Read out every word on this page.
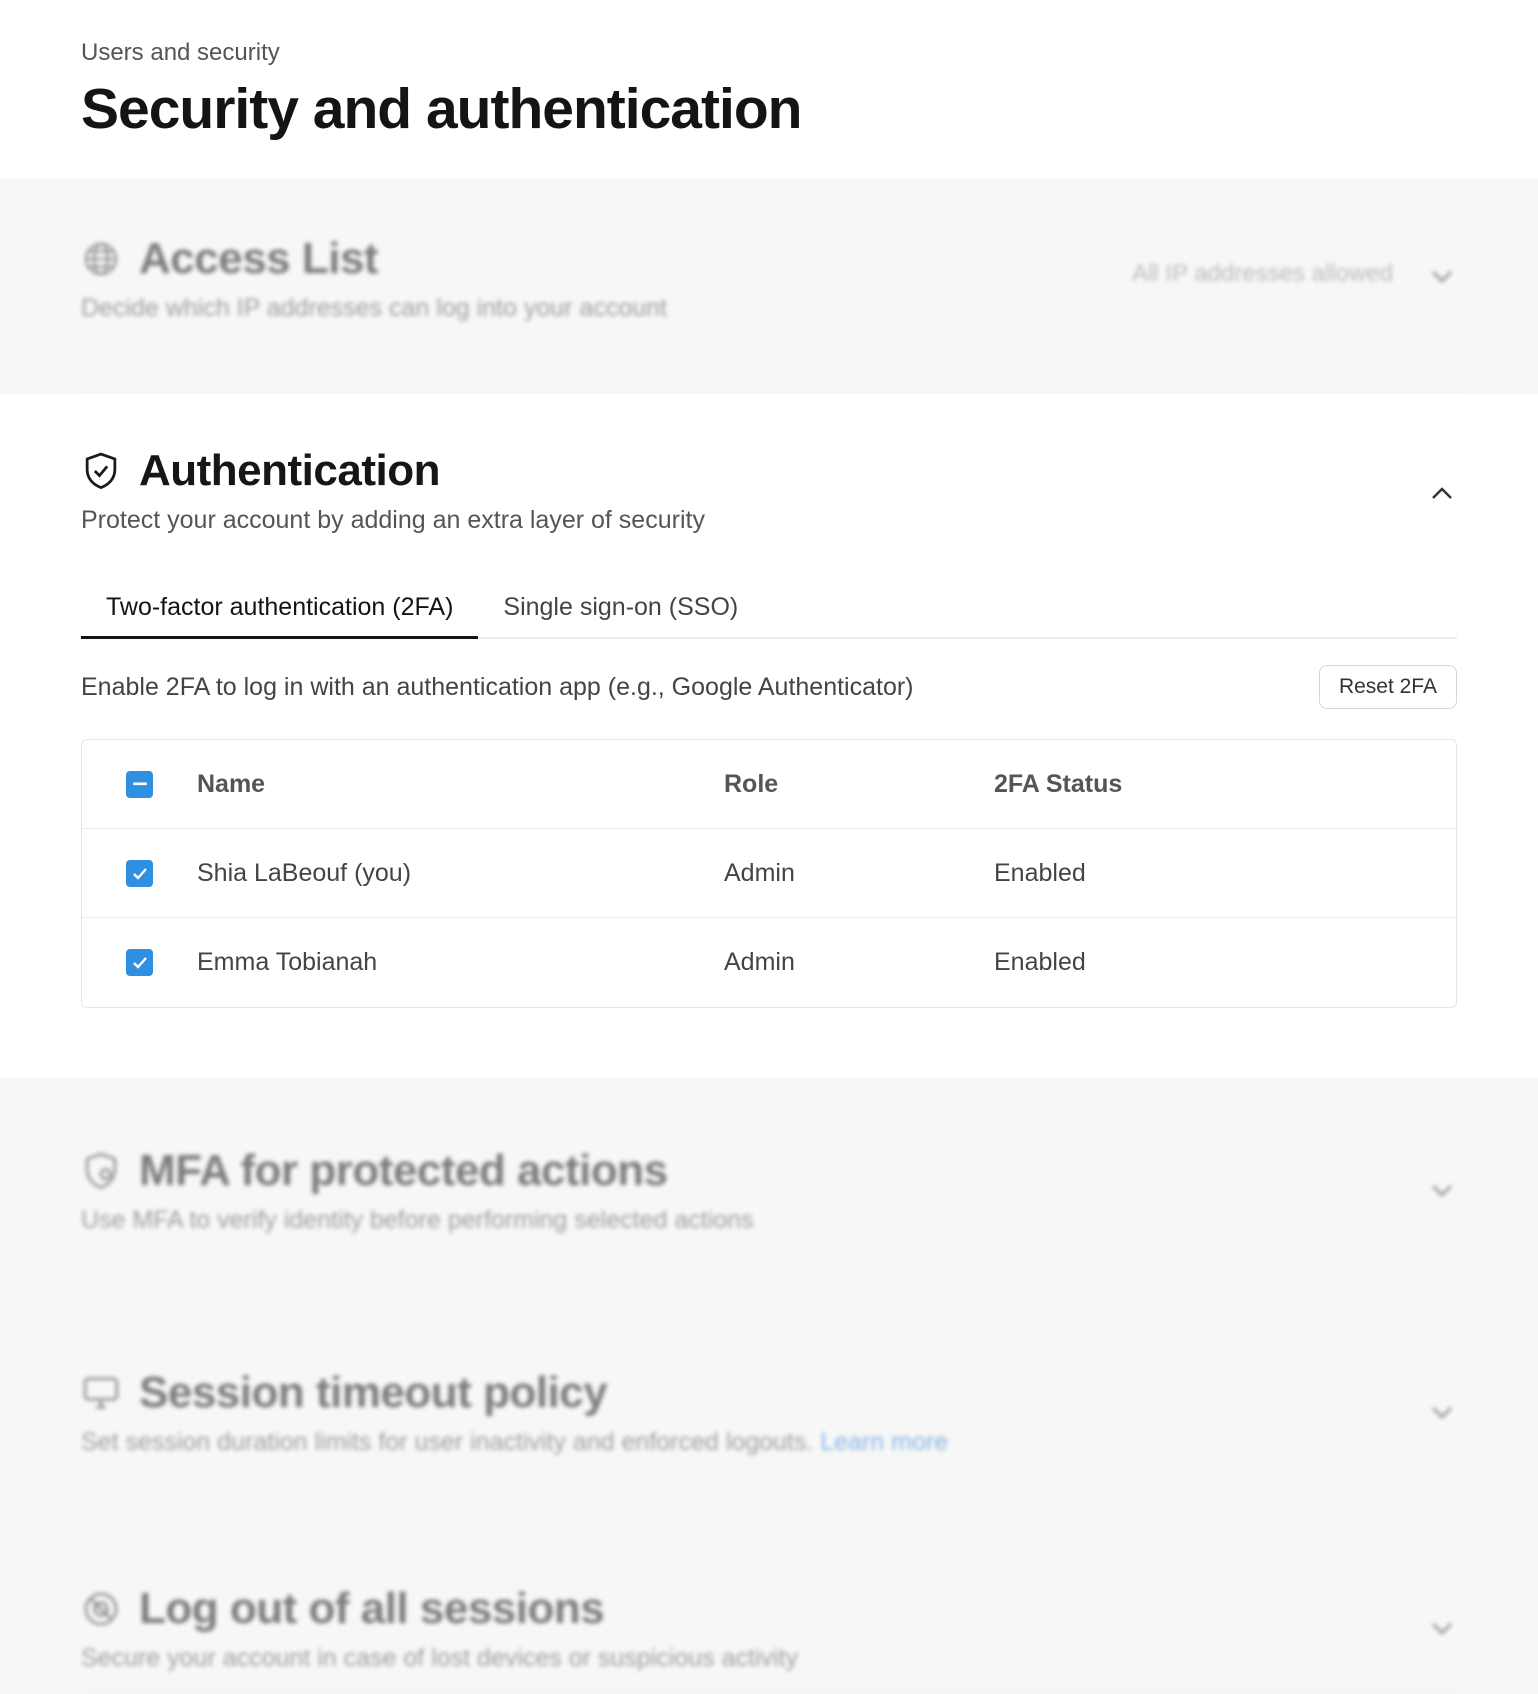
Users and security
Security and authentication
Access List
Decide which IP addresses can log into your account
All IP addresses allowed
Authentication
Protect your account by adding an extra layer of security
Two-factor authentication (2FA)	Single sign-on (SSO)
Enable 2FA to log in with an authentication app (e.g., Google Authenticator)	Reset 2FA
Name	Role	2FA Status
Shia LaBeouf (you)	Admin	Enabled
Emma Tobianah	Admin	Enabled
MFA for protected actions
Use MFA to verify identity before performing selected actions
Session timeout policy
Set session duration limits for user inactivity and enforced logouts. Learn more
Log out of all sessions
Secure your account in case of lost devices or suspicious activity
